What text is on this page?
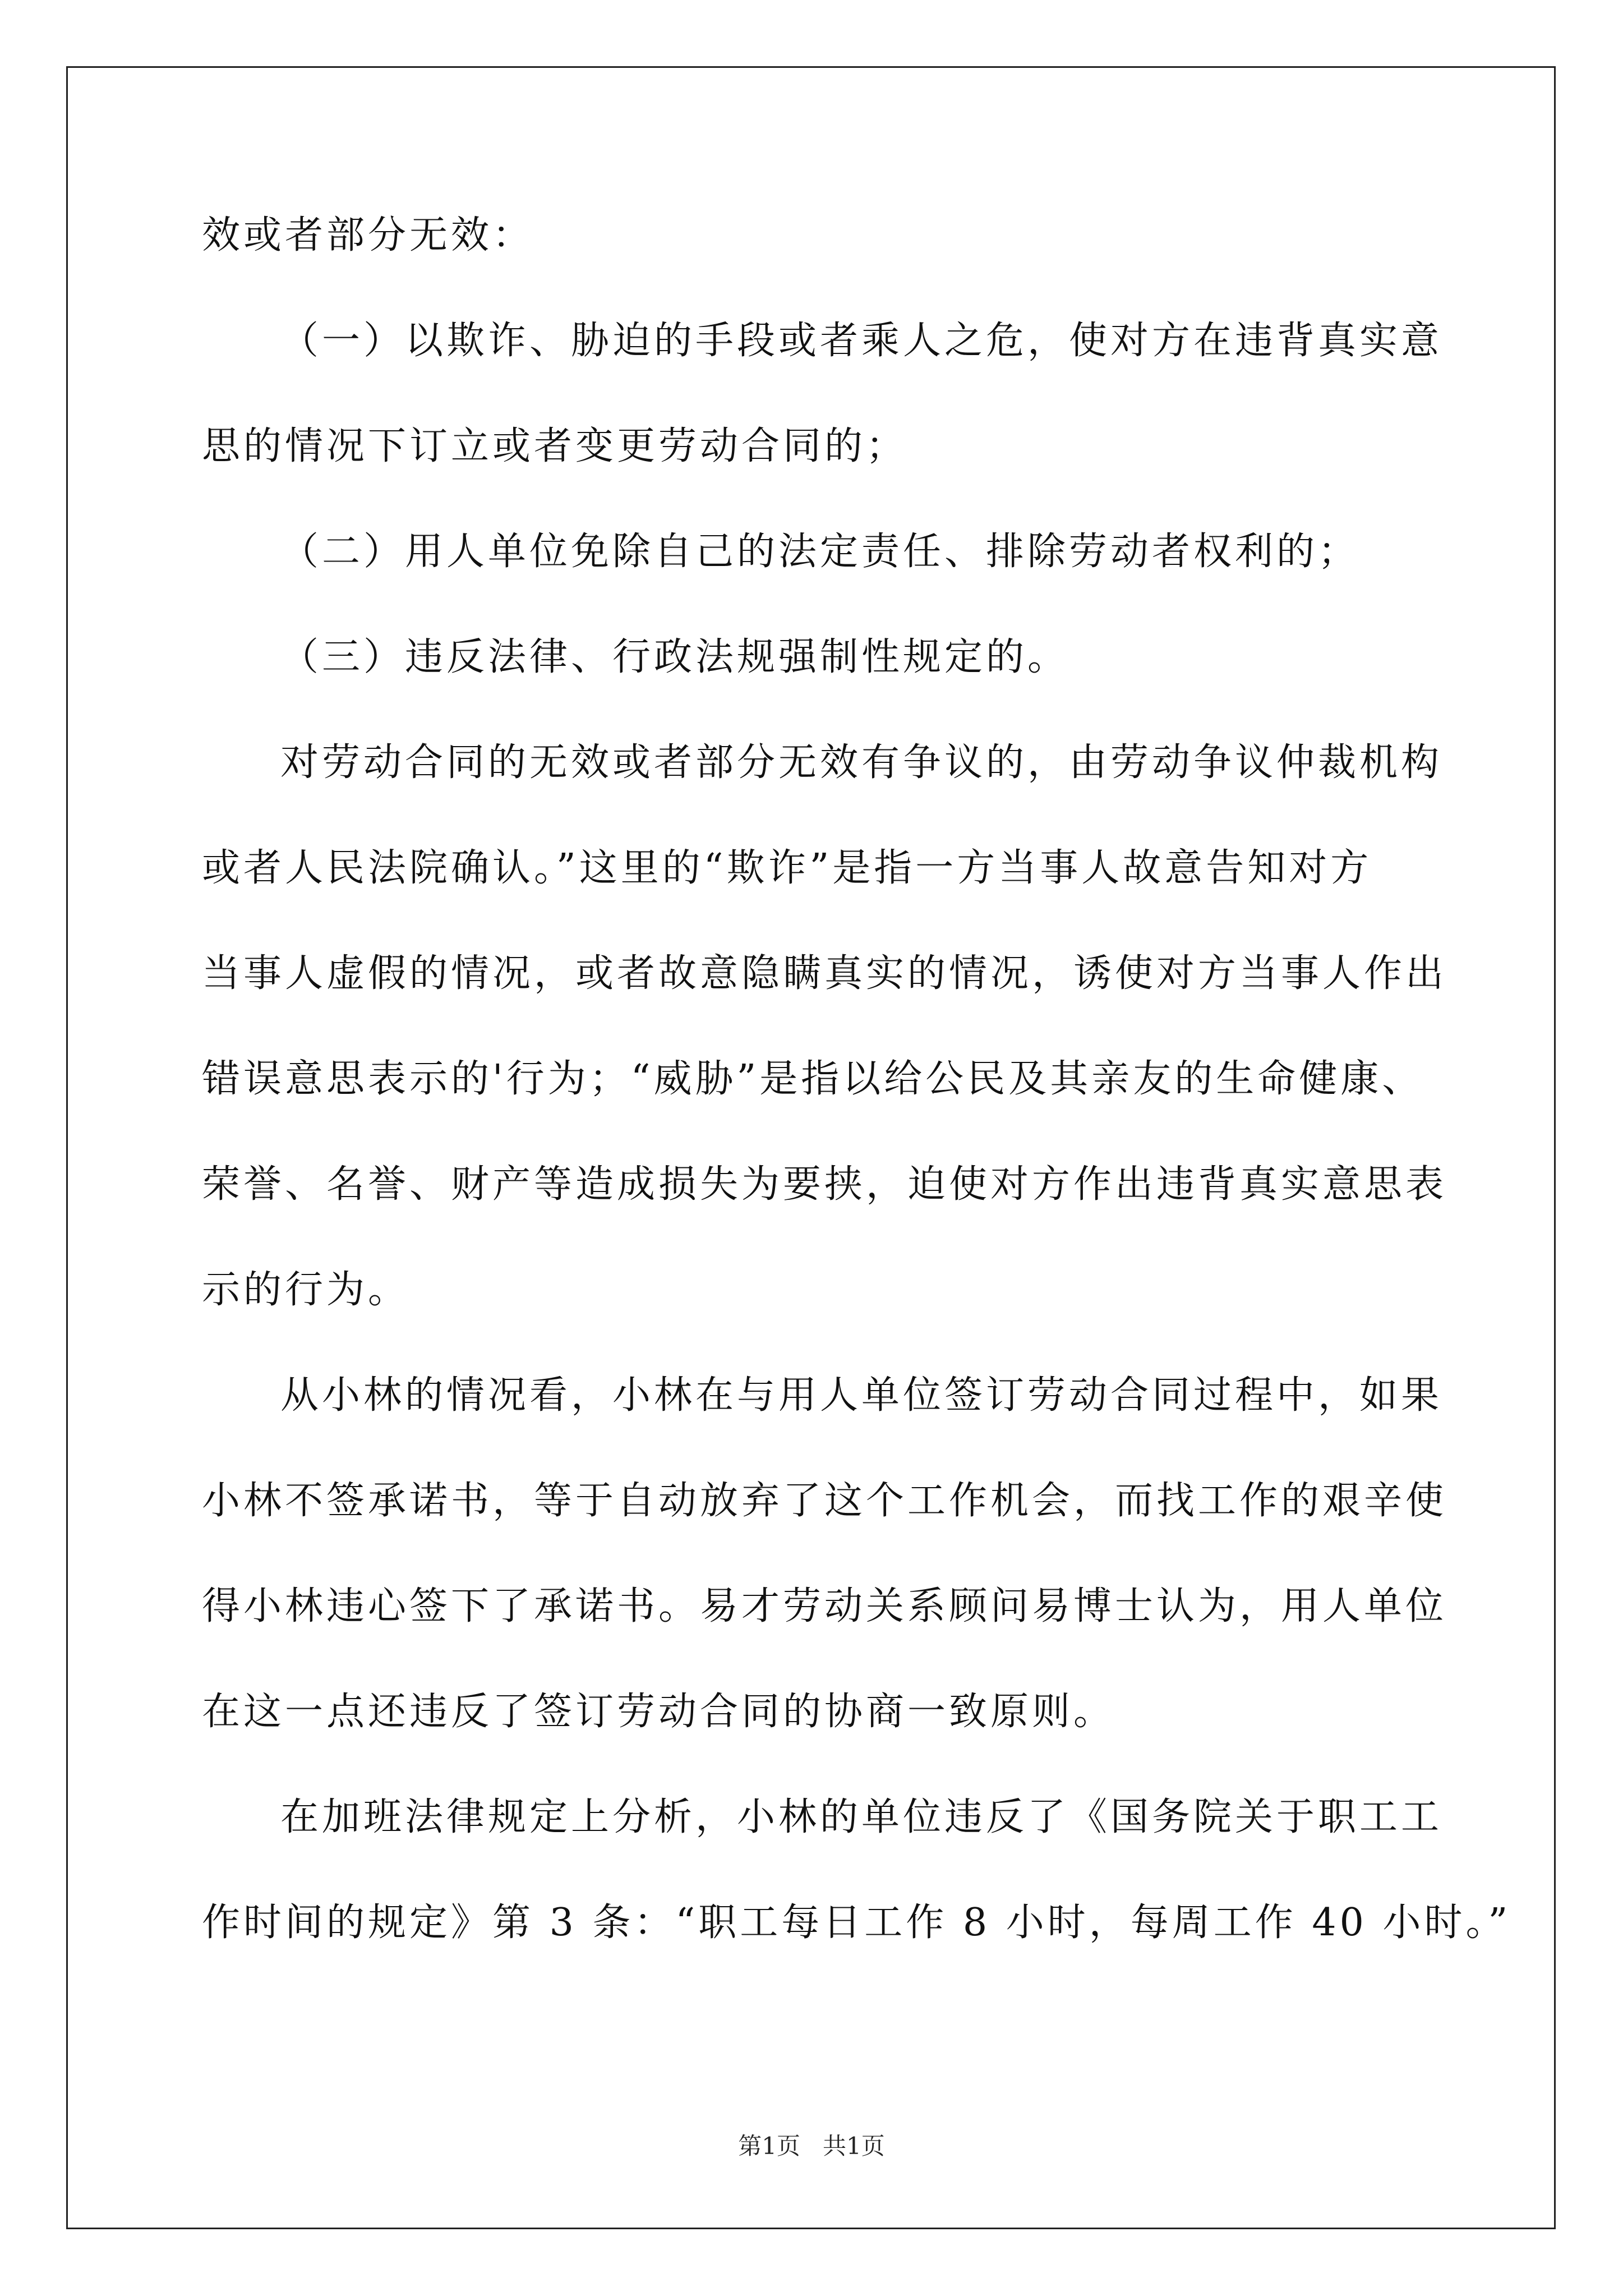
效或者部分无效：
（一）以欺诈、胁迫的手段或者乘人之危，使对方在违背真实意
思的情况下订立或者变更劳动合同的；
（二）用人单位免除自己的法定责任、排除劳动者权利的；
（三）违反法律、行政法规强制性规定的。
对劳动合同的无效或者部分无效有争议的，由劳动争议仲裁机构
或者人民法院确认。”这里的“欺诈”是指一方当事人故意告知对方
当事人虚假的情况，或者故意隐瞒真实的情况，诱使对方当事人作出
错误意思表示的'行为；“威胁”是指以给公民及其亲友的生命健康、
荣誉、名誉、财产等造成损失为要挟，迫使对方作出违背真实意思表
示的行为。
从小林的情况看，小林在与用人单位签订劳动合同过程中，如果
小林不签承诺书，等于自动放弃了这个工作机会，而找工作的艰辛使
得小林违心签下了承诺书。易才劳动关系顾问易博士认为，用人单位
在这一点还违反了签订劳动合同的协商一致原则。
在加班法律规定上分析，小林的单位违反了《国务院关于职工工
作时间的规定》第 3 条：“职工每日工作 8 小时，每周工作 40 小时。”
第1页   共1页
